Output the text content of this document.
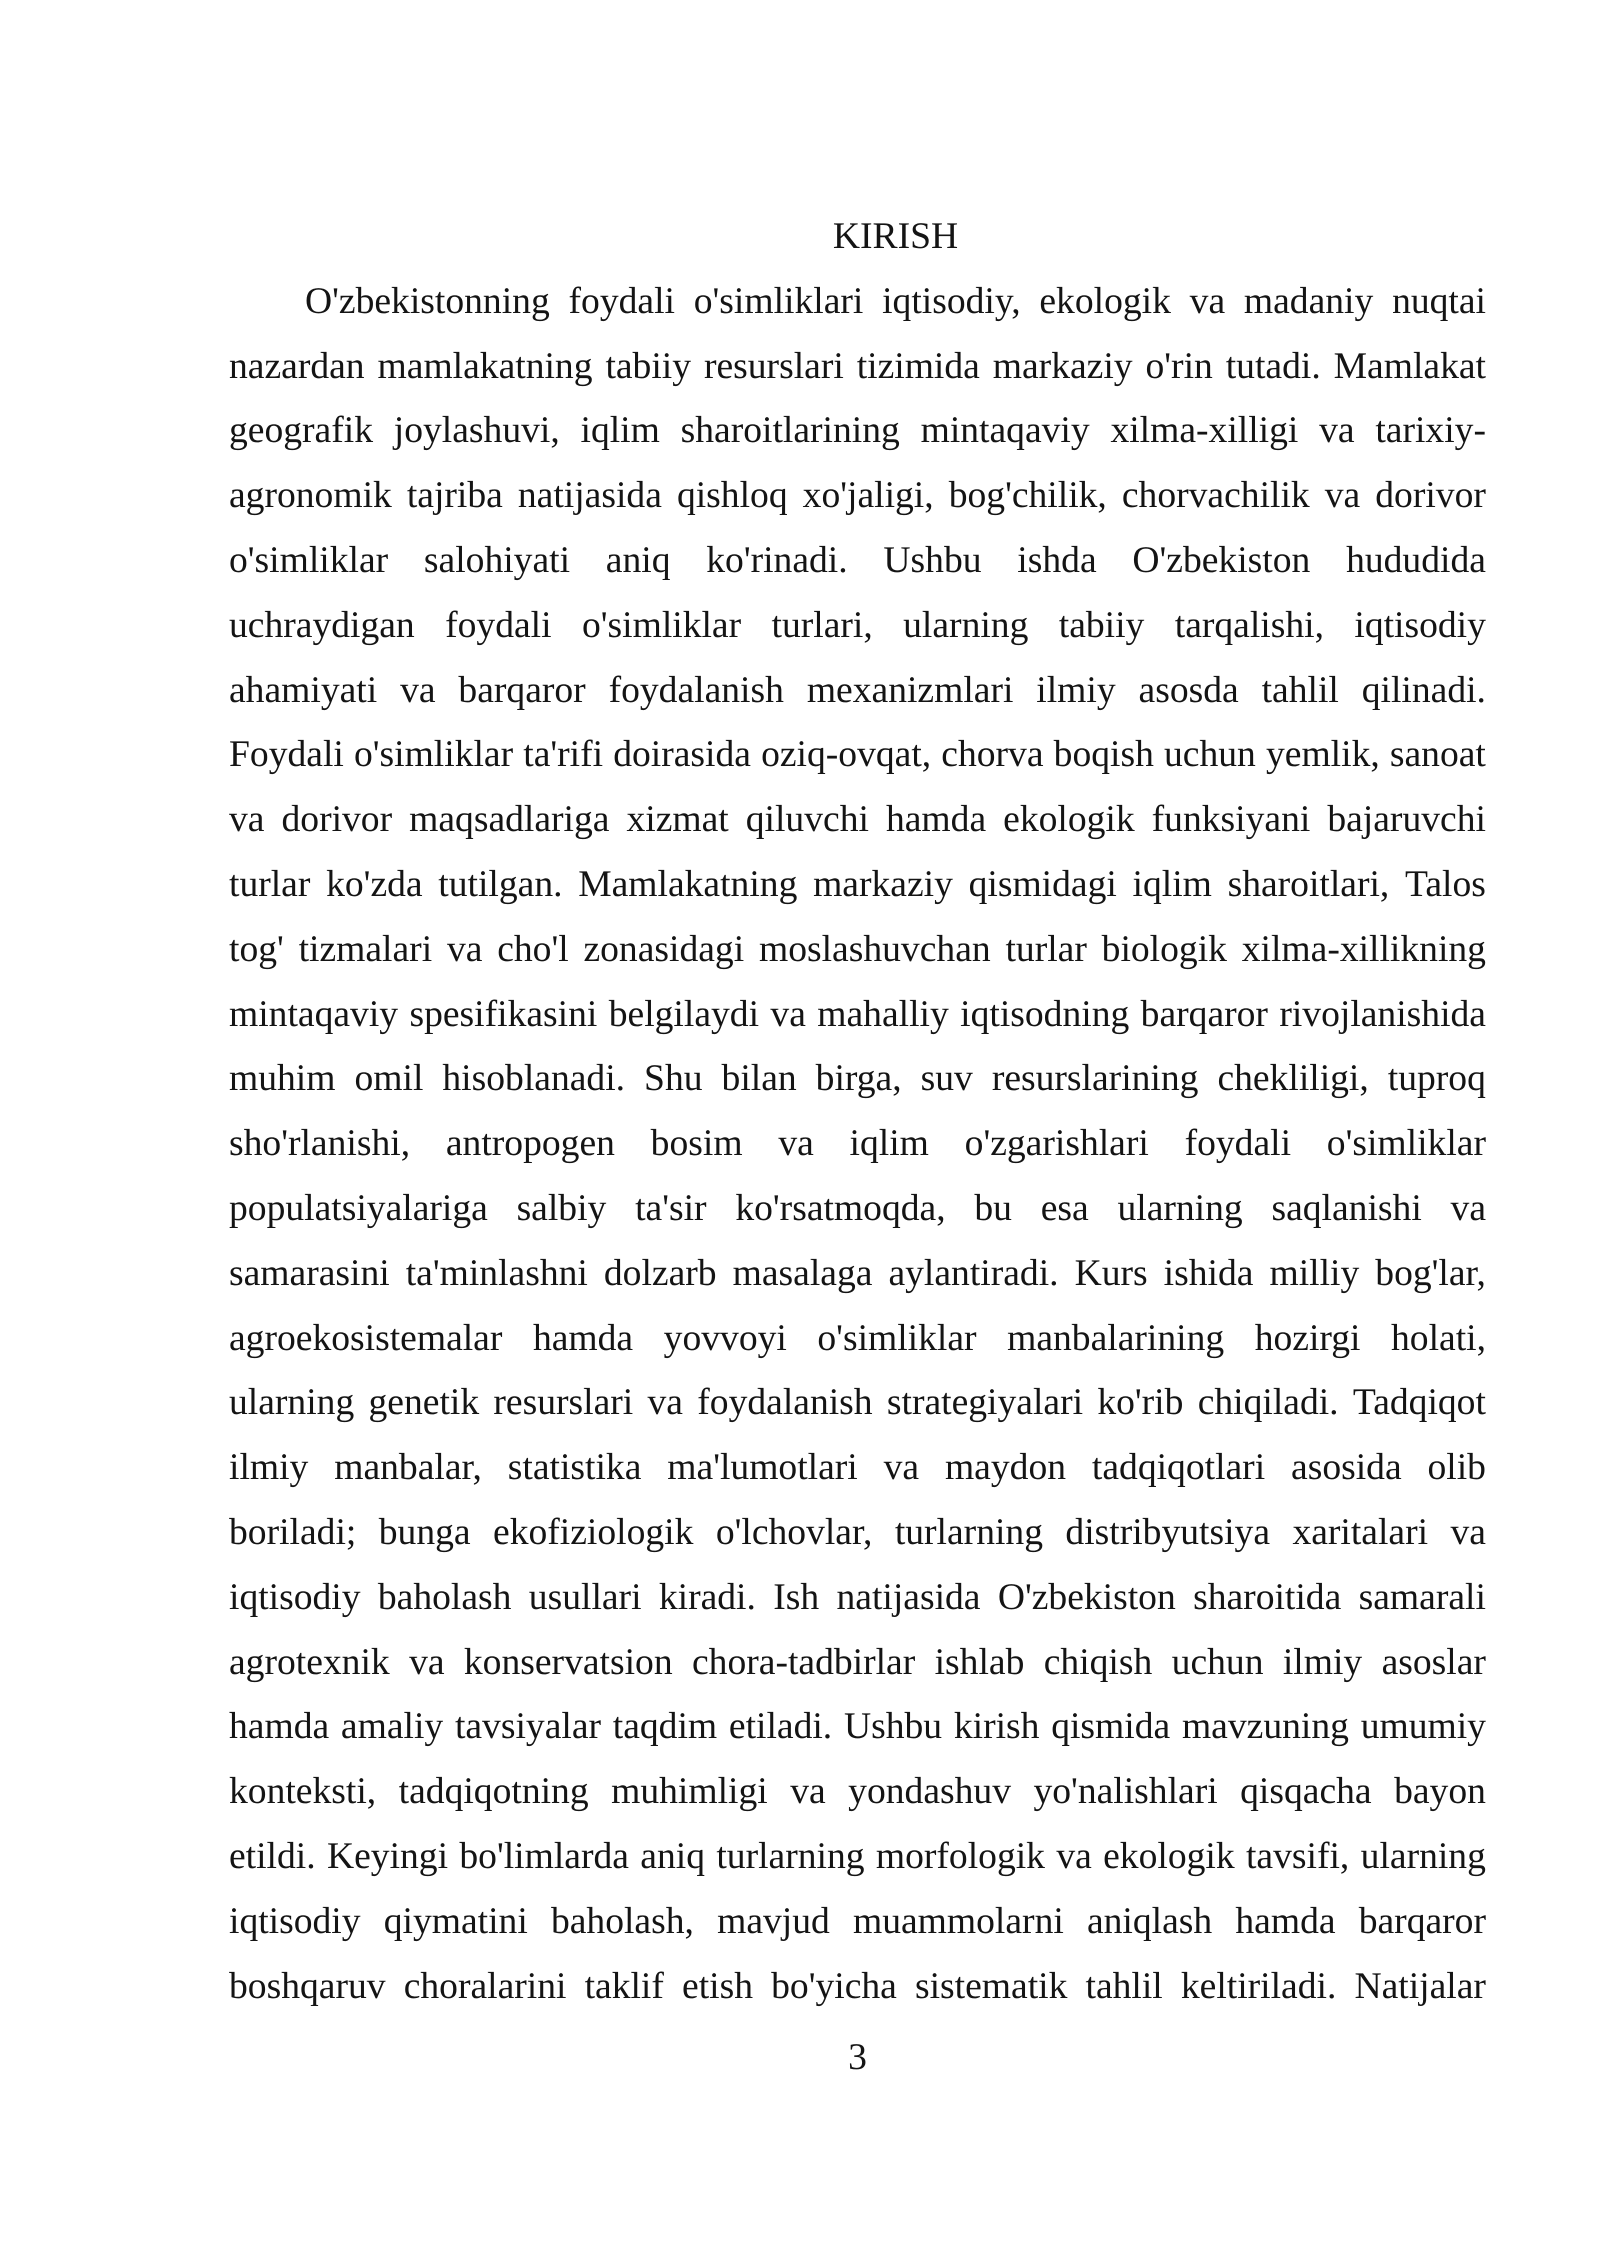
KIRISH
O'zbekistonning foydali o'simliklari iqtisodiy, ekologik va madaniy nuqtai
nazardan mamlakatning tabiiy resurslari tizimida markaziy o'rin tutadi. Mamlakat
geografik joylashuvi, iqlim sharoitlarining mintaqaviy xilma-xilligi va tarixiy-
agronomik tajriba natijasida qishloq xo'jaligi, bog'chilik, chorvachilik va dorivor
o'simliklar salohiyati aniq ko'rinadi. Ushbu ishda O'zbekiston hududida
uchraydigan foydali o'simliklar turlari, ularning tabiiy tarqalishi, iqtisodiy
ahamiyati va barqaror foydalanish mexanizmlari ilmiy asosda tahlil qilinadi.
Foydali o'simliklar ta'rifi doirasida oziq-ovqat, chorva boqish uchun yemlik, sanoat
va dorivor maqsadlariga xizmat qiluvchi hamda ekologik funksiyani bajaruvchi
turlar ko'zda tutilgan. Mamlakatning markaziy qismidagi iqlim sharoitlari, Talos
tog' tizmalari va cho'l zonasidagi moslashuvchan turlar biologik xilma-xillikning
mintaqaviy spesifikasini belgilaydi va mahalliy iqtisodning barqaror rivojlanishida
muhim omil hisoblanadi. Shu bilan birga, suv resurslarining chekliligi, tuproq
sho'rlanishi, antropogen bosim va iqlim o'zgarishlari foydali o'simliklar
populatsiyalariga salbiy ta'sir ko'rsatmoqda, bu esa ularning saqlanishi va
samarasini ta'minlashni dolzarb masalaga aylantiradi. Kurs ishida milliy bog'lar,
agroekosistemalar hamda yovvoyi o'simliklar manbalarining hozirgi holati,
ularning genetik resurslari va foydalanish strategiyalari ko'rib chiqiladi. Tadqiqot
ilmiy manbalar, statistika ma'lumotlari va maydon tadqiqotlari asosida olib
boriladi; bunga ekofiziologik o'lchovlar, turlarning distribyutsiya xaritalari va
iqtisodiy baholash usullari kiradi. Ish natijasida O'zbekiston sharoitida samarali
agrotexnik va konservatsion chora-tadbirlar ishlab chiqish uchun ilmiy asoslar
hamda amaliy tavsiyalar taqdim etiladi. Ushbu kirish qismida mavzuning umumiy
konteksti, tadqiqotning muhimligi va yondashuv yo'nalishlari qisqacha bayon
etildi. Keyingi bo'limlarda aniq turlarning morfologik va ekologik tavsifi, ularning
iqtisodiy qiymatini baholash, mavjud muammolarni aniqlash hamda barqaror
boshqaruv choralarini taklif etish bo'yicha sistematik tahlil keltiriladi. Natijalar
3
